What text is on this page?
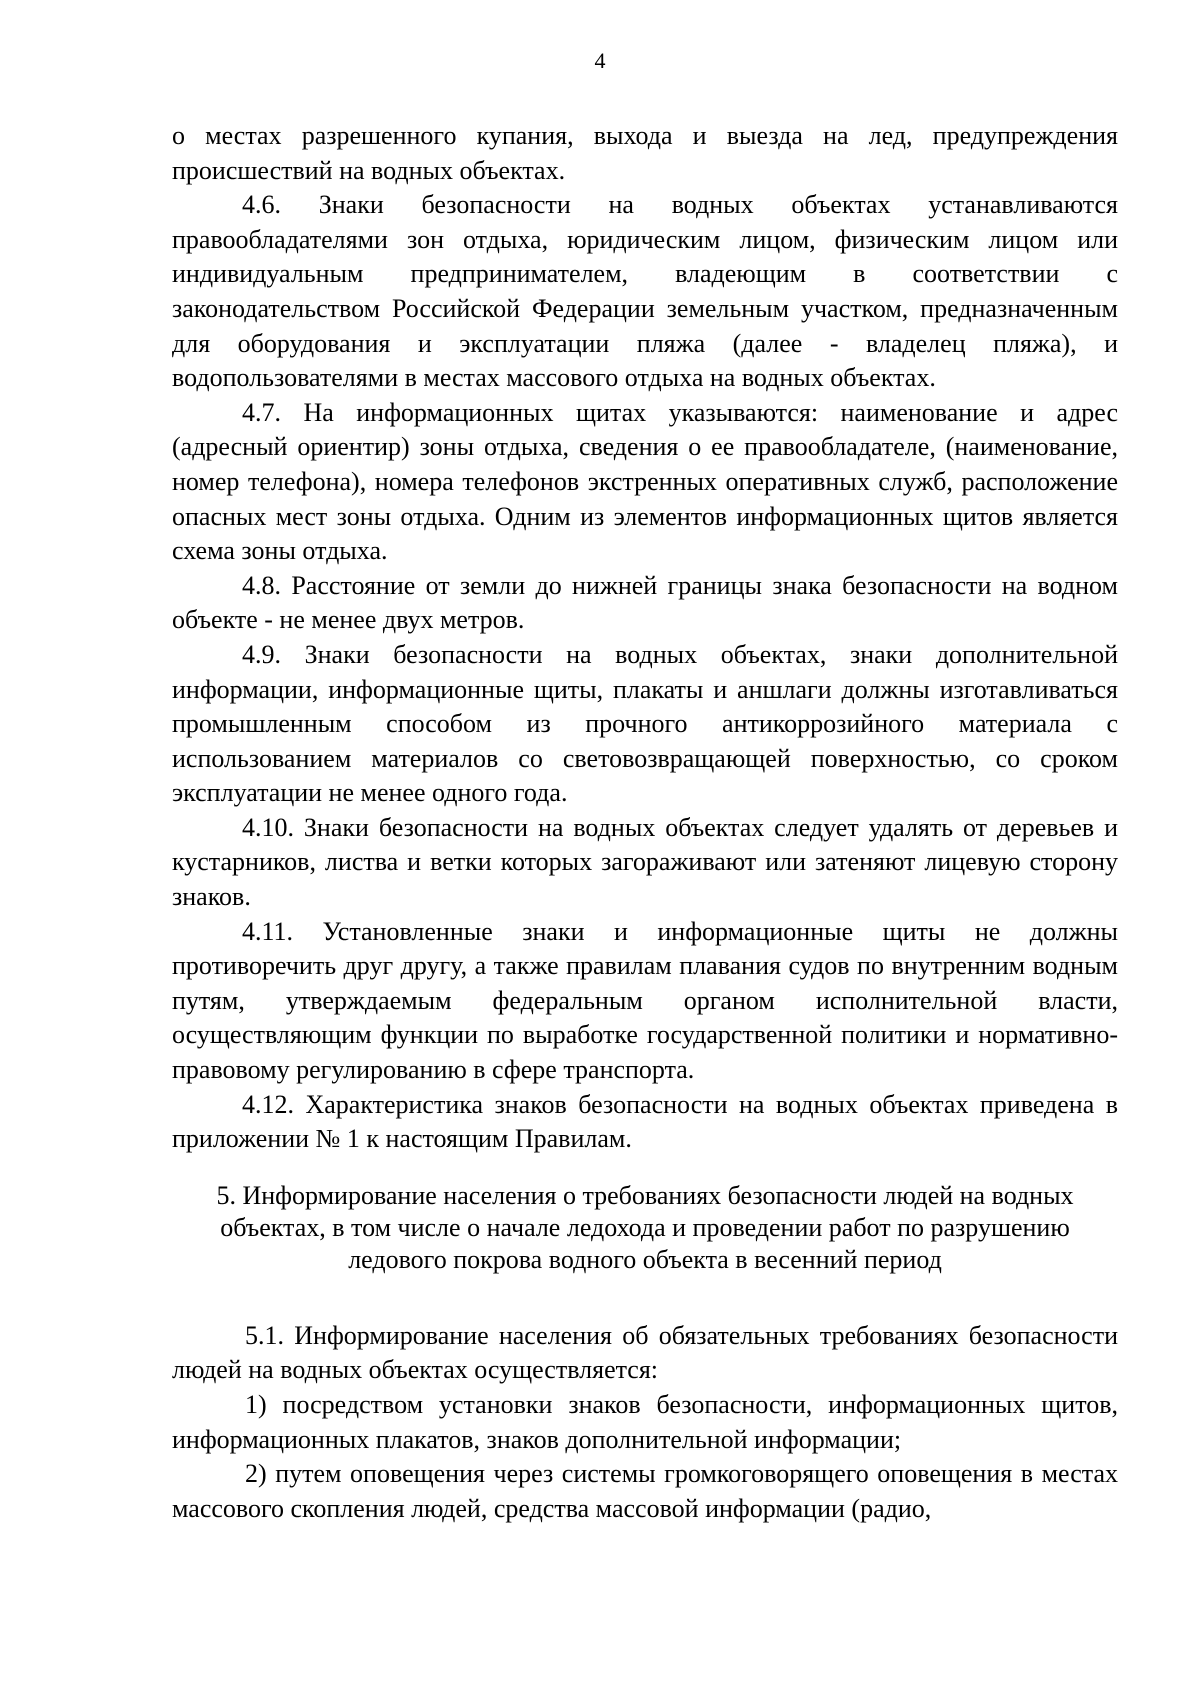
4

о местах разрешенного купания, выхода и выезда на лед, предупреждения происшествий на водных объектах.

4.6. Знаки безопасности на водных объектах устанавливаются правообладателями зон отдыха, юридическим лицом, физическим лицом или индивидуальным предпринимателем, владеющим в соответствии с законодательством Российской Федерации земельным участком, предназначенным для оборудования и эксплуатации пляжа (далее - владелец пляжа), и водопользователями в местах массового отдыха на водных объектах.

4.7. На информационных щитах указываются: наименование и адрес (адресный ориентир) зоны отдыха, сведения о ее правообладателе, (наименование, номер телефона), номера телефонов экстренных оперативных служб, расположение опасных мест зоны отдыха. Одним из элементов информационных щитов является схема зоны отдыха.

4.8. Расстояние от земли до нижней границы знака безопасности на водном объекте - не менее двух метров.

4.9. Знаки безопасности на водных объектах, знаки дополнительной информации, информационные щиты, плакаты и аншлаги должны изготавливаться промышленным способом из прочного антикоррозийного материала с использованием материалов со световозвращающей поверхностью, со сроком эксплуатации не менее одного года.

4.10. Знаки безопасности на водных объектах следует удалять от деревьев и кустарников, листва и ветки которых загораживают или затеняют лицевую сторону знаков.

4.11. Установленные знаки и информационные щиты не должны противоречить друг другу, а также правилам плавания судов по внутренним водным путям, утверждаемым федеральным органом исполнительной власти, осуществляющим функции по выработке государственной политики и нормативно-правовому регулированию в сфере транспорта.

4.12. Характеристика знаков безопасности на водных объектах приведена в приложении № 1 к настоящим Правилам.

5. Информирование населения о требованиях безопасности людей на водных
объектах, в том числе о начале ледохода и проведении работ по разрушению
ледового покрова водного объекта в весенний период

5.1. Информирование населения об обязательных требованиях безопасности людей на водных объектах осуществляется:

1) посредством установки знаков безопасности, информационных щитов, информационных плакатов, знаков дополнительной информации;

2) путем оповещения через системы громкоговорящего оповещения в местах массового скопления людей, средства массовой информации (радио,
